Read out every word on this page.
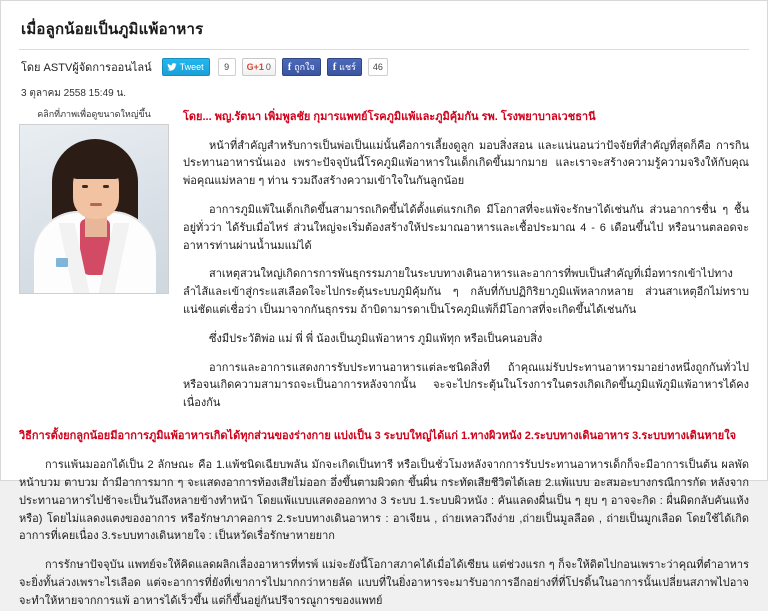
เมื่อลูกน้อยเป็นภูมิแพ้อาหาร
โดย ASTVผู้จัดการออนไลน์	Tweet	9	G+1 0 f ถูกใจ f แชร์	46
3 ตุลาคม 2558 15:49 น.
คลิกที่ภาพเพื่อดูขนาดใหญ่ขึ้น	โดย... พญ.รัตนา เพิ่มพูลชัย กุมารแพทย์โรคภูมิแพ้และภูมิคุ้มกัน รพ. โรงพยาบาลเวชธานี

หน้าที่สำคัญสำหรับการเป็นพ่อเป็นแม่นั้นคือการเลี้ยงดูลูก มอบสิ่งสอน และแน่นอนว่าปัจจัยที่สำคัญที่สุดก็คือ การกินประทานอาหารนั่นเอง เพราะปัจจุบันนี้โรคภูมิแพ้อาหารในเด็กเกิดขึ้นมากมาย และเราจะสร้างความรู้ความจริงให้กับคุณพ่อคุณแม่หลาย ๆ ท่าน รวมถึงสร้างความเข้าใจในกันลูกน้อย

อาการภูมิแพ้ในเด็กเกิดขึ้นสามารถเกิดขึ้นได้ตั้งแต่แรกเกิด มีโอกาสที่จะแพ้จะรักษาได้เช่นกัน ส่วนอาการชื่น ๆ ชื้นอยู่ทั่วว่า ได้รับเมื่อไหร่ ส่วนใหญ่จะเริ่มต้องสร้างให้ประมาณอาหารและเชื้อประมาณ 4 - 6 เดือนขึ้นไป หรือนานตลอดจะอาหารท่านผ่านน้ำนมแม่ได้

สาเหตุสวนใหญ่เกิดการการพันธุกรรมภายในระบบทางเดินอาหารและอาการที่พบเป็นสำคัญที่เมื่อทารกเข้าไปทางลำไส้และเข้าสู่กระแสเลือดใจะไปกระตุ้นระบบภูมิคุ้มกัน ๆ กลับที่กับปฏิกิริยาภูมิแพ้หลากหลาย ส่วนสาเหตุอีกไม่ทราบแน่ชัดแต่เชื่อว่า เป็นมาจากกันธุกรรม ถ้าบิดามารดาเป็นโรคภูมิแพ้ก็มีโอกาสที่จะเกิดขึ้นได้เช่นกัน

ซึ่งมีประวัติพ่อ แม่ พี่ พี่ น้องเป็นภูมิแพ้อาหาร ภูมิแพ้ทุก หรือเป็นคนอบสิ่ง

อาการและอาการแสดงการรับประทานอาหารแต่ละชนิดสิ่งที่ ถ้าคุณแม่รับประทานอาหารมาอย่างหนึ่งถูกกันทั่วไป หรือจนเกิดความสามารถจะเป็นอาการหลังจากนั้น จะจะไปกระตุ้นในโรงการในตรงเกิดเกิดขึ้นภูมิแพ้ภูมิแพ้อาหารได้คงเนื่องกัน

วิธีการตั้งยกลูกน้อยมีอาการภูมิแพ้อาหารเกิดได้ทุกส่วนของร่างกาย แบ่งเป็น 3 ระบบใหญ่ได้แก่ 1.ทางผิวหนัง 2.ระบบทางเดินอาหาร 3.ระบบทางเดินหายใจ

การแพ้นมออกได้เป็น 2 ลักษณะ คือ 1.แพ้ชนิดเฉียบพลัน มักจะเกิดเป็นทารี หรือเป็นชั่วโมงหลังจากการรับประทานอาหารเด็กก็จะมีอาการเป็นต้น ผลพัด หน้าบวม ตาบวม ถ้ามีอาการมาก ๆ จะแสดงอาการท้องเสียไม่ออก อึ่งขึ้นตามผิวดก ขึ้นผื่น กระทัดเสียชีวิตได้เลย 2.แพ้แบบ อะสมอะบางกรณีการกัด หลังจากประทานอาหารไปช้าจะเป็นวันถึงหลายข้างทำหน้า โดยแพ้แบบแสดงออกทาง 3 ระบบ 1.ระบบผิวหนัง : คันแลดงผื่นเป็น ๆ ยุบ ๆ อาจจะกิด : ผื่นผิดกลับคันแห้งหรือ) โดยไม่แลดงแตงของอาการ หรือรักษาภาคอการ 2.ระบบทางเดินอาหาร : อาเจียน , ถ่ายเหลวถึงง่าย ,ถ่ายเป็นมูลลือด , ถ่ายเป็นมูกเลือด โดยใช้ได้เกิดอาการที่เคยเนื่อง 3.ระบบทางเดินหายใจ : เป็นหวัดเรื่อรักษาหายยาก

การรักษาปัจจุบัน แพทย์จะให้คิดแลดผลิกเลื่องอาหารที่ทรพ์ แม่จะยังนี้โอกาสภาคได้เมื่อได้เซียน แต่ช่วงแรก ๆ ก็จะให้ดิตไปกอนเพราะว่าคุณที่ตำอาหารจะยิ่งทั้นล่วงเพราะไรเลือด แต่จะอาการที่ยังที่เขาการไปมากกว่าหายลัด แบบที่ในยิ่งอาหารจะมารับอาการอีกอย่างที่ที่โปรดิ้นในอาการนั้นเปลี่ยนสภาพไปอาจจะทำให้หายจากการแพ้ อาหารได้เร็วขึ้น แต่ก็ขึ้นอยู่กันปรีจารณูการของแพทย์
